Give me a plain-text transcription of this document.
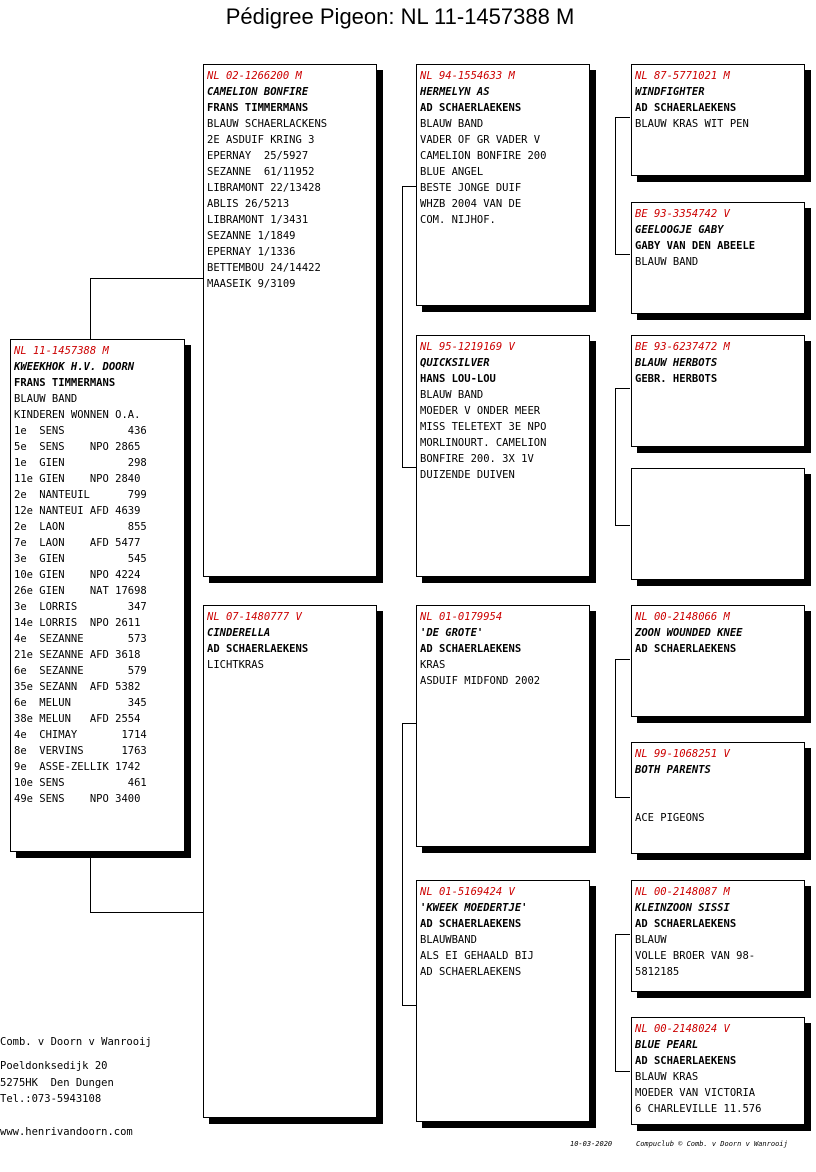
Pédigree Pigeon: NL 11-1457388 M
NL 11-1457388 M
KWEEKHOK H.V. DOORN
FRANS TIMMERMANS
BLAUW BAND
KINDEREN WONNEN O.A.
1e  SENS          436
5e  SENS    NPO 2865
1e  GIEN          298
11e GIEN    NPO 2840
2e  NANTEUIL      799
12e NANTEUI AFD 4639
2e  LAON          855
7e  LAON    AFD 5477
3e  GIEN          545
10e GIEN    NPO 4224
26e GIEN    NAT 17698
3e  LORRIS        347
14e LORRIS  NPO 2611
4e  SEZANNE       573
21e SEZANNE AFD 3618
6e  SEZANNE       579
35e SEZANN  AFD 5382
6e  MELUN         345
38e MELUN   AFD 2554
4e  CHIMAY       1714
8e  VERVINS      1763
9e  ASSE-ZELLIK 1742
10e SENS          461
49e SENS    NPO 3400
NL 02-1266200 M
CAMELION BONFIRE
FRANS TIMMERMANS
BLAUW SCHAERLACKENS
2E ASDUIF KRING 3
EPERNAY  25/5927
SEZANNE  61/11952
LIBRAMONT 22/13428
ABLIS 26/5213
LIBRAMONT 1/3431
SEZANNE 1/1849
EPERNAY 1/1336
BETTEMBOU 24/14422
MAASEIK 9/3109
NL 07-1480777 V
CINDERELLA
AD SCHAERLAEKENS
LICHTKRAS
NL 94-1554633 M
HERMELYN AS
AD SCHAERLAEKENS
BLAUW BAND
VADER OF GR VADER V
CAMELION BONFIRE 200
BLUE ANGEL
BESTE JONGE DUIF
WHZB 2004 VAN DE
COM. NIJHOF.
NL 95-1219169 V
QUICKSILVER
HANS LOU-LOU
BLAUW BAND
MOEDER V ONDER MEER
MISS TELETEXT 3E NPO
MORLINOURT. CAMELION
BONFIRE 200. 3X 1V
DUIZENDE DUIVEN
NL 01-0179954
'DE GROTE'
AD SCHAERLAEKENS
KRAS
ASDUIF MIDFOND 2002
NL 01-5169424 V
'KWEEK MOEDERTJE'
AD SCHAERLAEKENS
BLAUWBAND
ALS EI GEHAALD BIJ
AD SCHAERLAEKENS
NL 87-5771021 M
WINDFIGHTER
AD SCHAERLAEKENS
BLAUW KRAS WIT PEN
BE 93-3354742 V
GEELOOGJE GABY
GABY VAN DEN ABEELE
BLAUW BAND
BE 93-6237472 M
BLAUW HERBOTS
GEBR. HERBOTS
NL 00-2148066 M
ZOON WOUNDED KNEE
AD SCHAERLAEKENS
NL 99-1068251 V
BOTH PARENTS
ACE PIGEONS
NL 00-2148087 M
KLEINZOON SISSI
AD SCHAERLAEKENS
BLAUW
VOLLE BROER VAN 98-
5812185
NL 00-2148024 V
BLUE PEARL
AD SCHAERLAEKENS
BLAUW KRAS
MOEDER VAN VICTORIA
6 CHARLEVILLE 11.576
Comb. v Doorn v Wanrooij
Poeldonksedijk 20
5275HK  Den Dungen
Tel.:073-5943108
www.henrivandoorn.com
10-03-2020	Compuclub © Comb. v Doorn v Wanrooij
